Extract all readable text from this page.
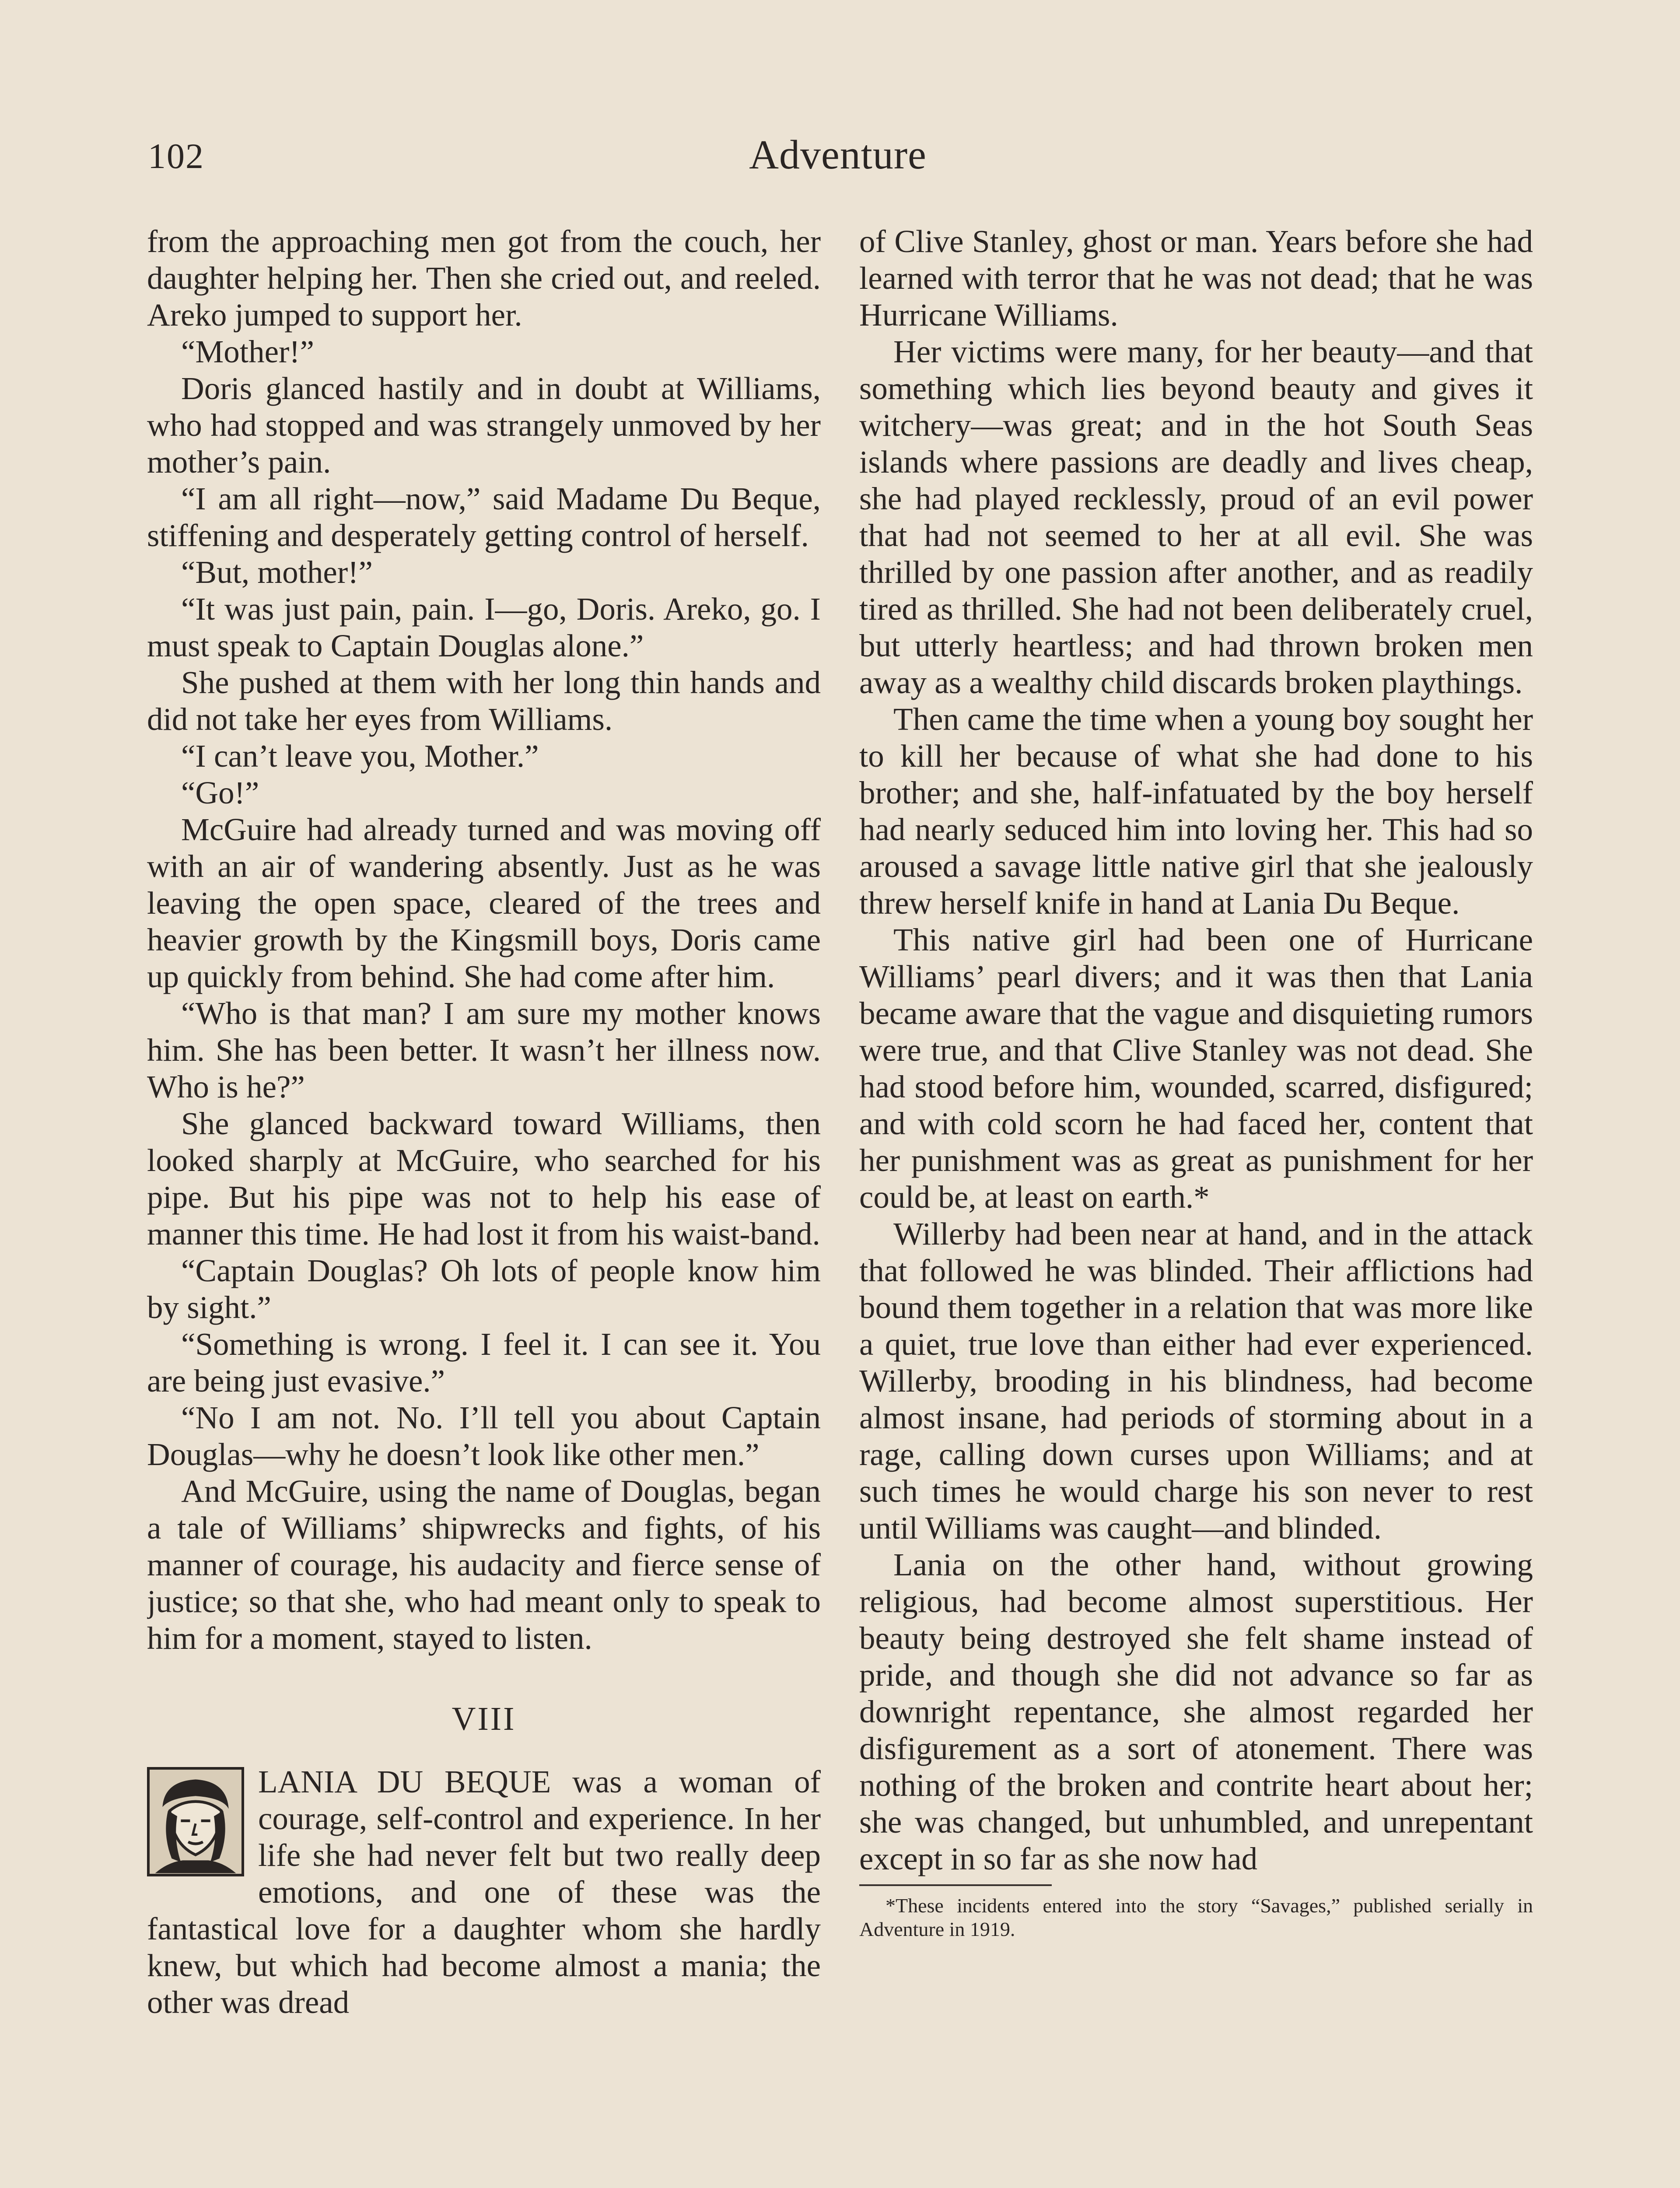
102	Adventure

from the approaching men got from the couch, her daughter helping her. Then she cried out, and reeled. Areko jumped to support her.

“Mother!”

Doris glanced hastily and in doubt at Williams, who had stopped and was strangely unmoved by her mother’s pain.

“I am all right—now,” said Madame Du Beque, stiffening and desperately getting control of herself.

“But, mother!”

“It was just pain, pain. I—go, Doris. Areko, go. I must speak to Captain Douglas alone.”

She pushed at them with her long thin hands and did not take her eyes from Williams.

“I can’t leave you, Mother.”

“Go!”

McGuire had already turned and was moving off with an air of wandering absently. Just as he was leaving the open space, cleared of the trees and heavier growth by the Kingsmill boys, Doris came up quickly from behind. She had come after him.

“Who is that man? I am sure my mother knows him. She has been better. It wasn’t her illness now. Who is he?”

She glanced backward toward Williams, then looked sharply at McGuire, who searched for his pipe. But his pipe was not to help his ease of manner this time. He had lost it from his waist-band.

“Captain Douglas? Oh lots of people know him by sight.”

“Something is wrong. I feel it. I can see it. You are being just evasive.”

“No I am not. No. I’ll tell you about Captain Douglas—why he doesn’t look like other men.”

And McGuire, using the name of Douglas, began a tale of Williams’ shipwrecks and fights, of his manner of courage, his audacity and fierce sense of justice; so that she, who had meant only to speak to him for a moment, stayed to listen.

VIII

LANIA DU BEQUE was a woman of courage, self-control and experience. In her life she had never felt but two really deep emotions, and one of these was the fantastical love for a daughter whom she hardly knew, but which had become almost a mania; the other was dread

of Clive Stanley, ghost or man. Years before she had learned with terror that he was not dead; that he was Hurricane Williams.

Her victims were many, for her beauty—and that something which lies beyond beauty and gives it witchery—was great; and in the hot South Seas islands where passions are deadly and lives cheap, she had played recklessly, proud of an evil power that had not seemed to her at all evil. She was thrilled by one passion after another, and as readily tired as thrilled. She had not been deliberately cruel, but utterly heartless; and had thrown broken men away as a wealthy child discards broken playthings.

Then came the time when a young boy sought her to kill her because of what she had done to his brother; and she, half-infatuated by the boy herself had nearly seduced him into loving her. This had so aroused a savage little native girl that she jealously threw herself knife in hand at Lania Du Beque.

This native girl had been one of Hurricane Williams’ pearl divers; and it was then that Lania became aware that the vague and disquieting rumors were true, and that Clive Stanley was not dead. She had stood before him, wounded, scarred, disfigured; and with cold scorn he had faced her, content that her punishment was as great as punishment for her could be, at least on earth.*

Willerby had been near at hand, and in the attack that followed he was blinded. Their afflictions had bound them together in a relation that was more like a quiet, true love than either had ever experienced. Willerby, brooding in his blindness, had become almost insane, had periods of storming about in a rage, calling down curses upon Williams; and at such times he would charge his son never to rest until Williams was caught—and blinded.

Lania on the other hand, without growing religious, had become almost superstitious. Her beauty being destroyed she felt shame instead of pride, and though she did not advance so far as downright repentance, she almost regarded her disfigurement as a sort of atonement. There was nothing of the broken and contrite heart about her; she was changed, but unhumbled, and unrepentant except in so far as she now had

*These incidents entered into the story “Savages,” published serially in Adventure in 1919.
